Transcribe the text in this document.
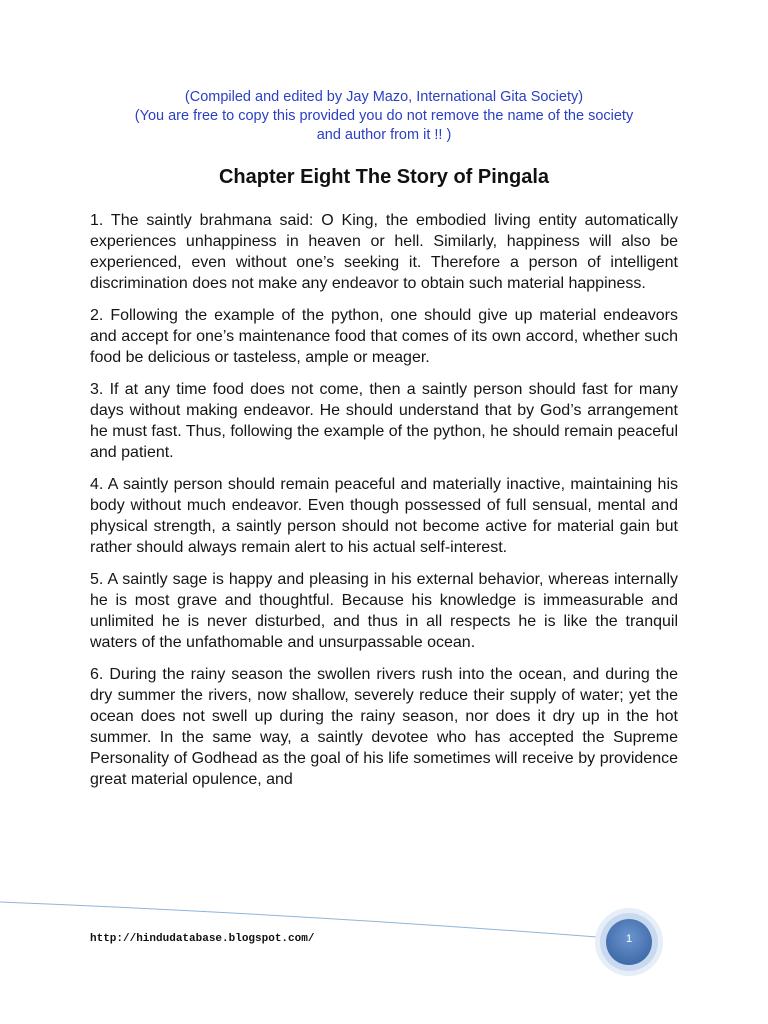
(Compiled and edited by Jay Mazo, International Gita Society)
(You are free to copy this provided you do not remove the name of the society
and author from it !! )
Chapter Eight The Story of Pingala

1. The saintly brahmana said: O King, the embodied living entity automatically experiences unhappiness in heaven or hell. Similarly, happiness will also be experienced, even without one’s seeking it. Therefore a person of intelligent discrimination does not make any endeavor to obtain such material happiness.

2. Following the example of the python, one should give up material endeavors and accept for one’s maintenance food that comes of its own accord, whether such food be delicious or tasteless, ample or meager.

3. If at any time food does not come, then a saintly person should fast for many days without making endeavor. He should understand that by God’s arrangement he must fast. Thus, following the example of the python, he should remain peaceful and patient.

4. A saintly person should remain peaceful and materially inactive, maintaining his body without much endeavor. Even though possessed of full sensual, mental and physical strength, a saintly person should not become active for material gain but rather should always remain alert to his actual self-interest.

5. A saintly sage is happy and pleasing in his external behavior, whereas internally he is most grave and thoughtful. Because his knowledge is immeasurable and unlimited he is never disturbed, and thus in all respects he is like the tranquil waters of the unfathomable and unsurpassable ocean.

6. During the rainy season the swollen rivers rush into the ocean, and during the dry summer the rivers, now shallow, severely reduce their supply of water; yet the ocean does not swell up during the rainy season, nor does it dry up in the hot summer. In the same way, a saintly devotee who has accepted the Supreme Personality of Godhead as the goal of his life sometimes will receive by providence great material opulence, and

http://hindudatabase.blogspot.com/	1
